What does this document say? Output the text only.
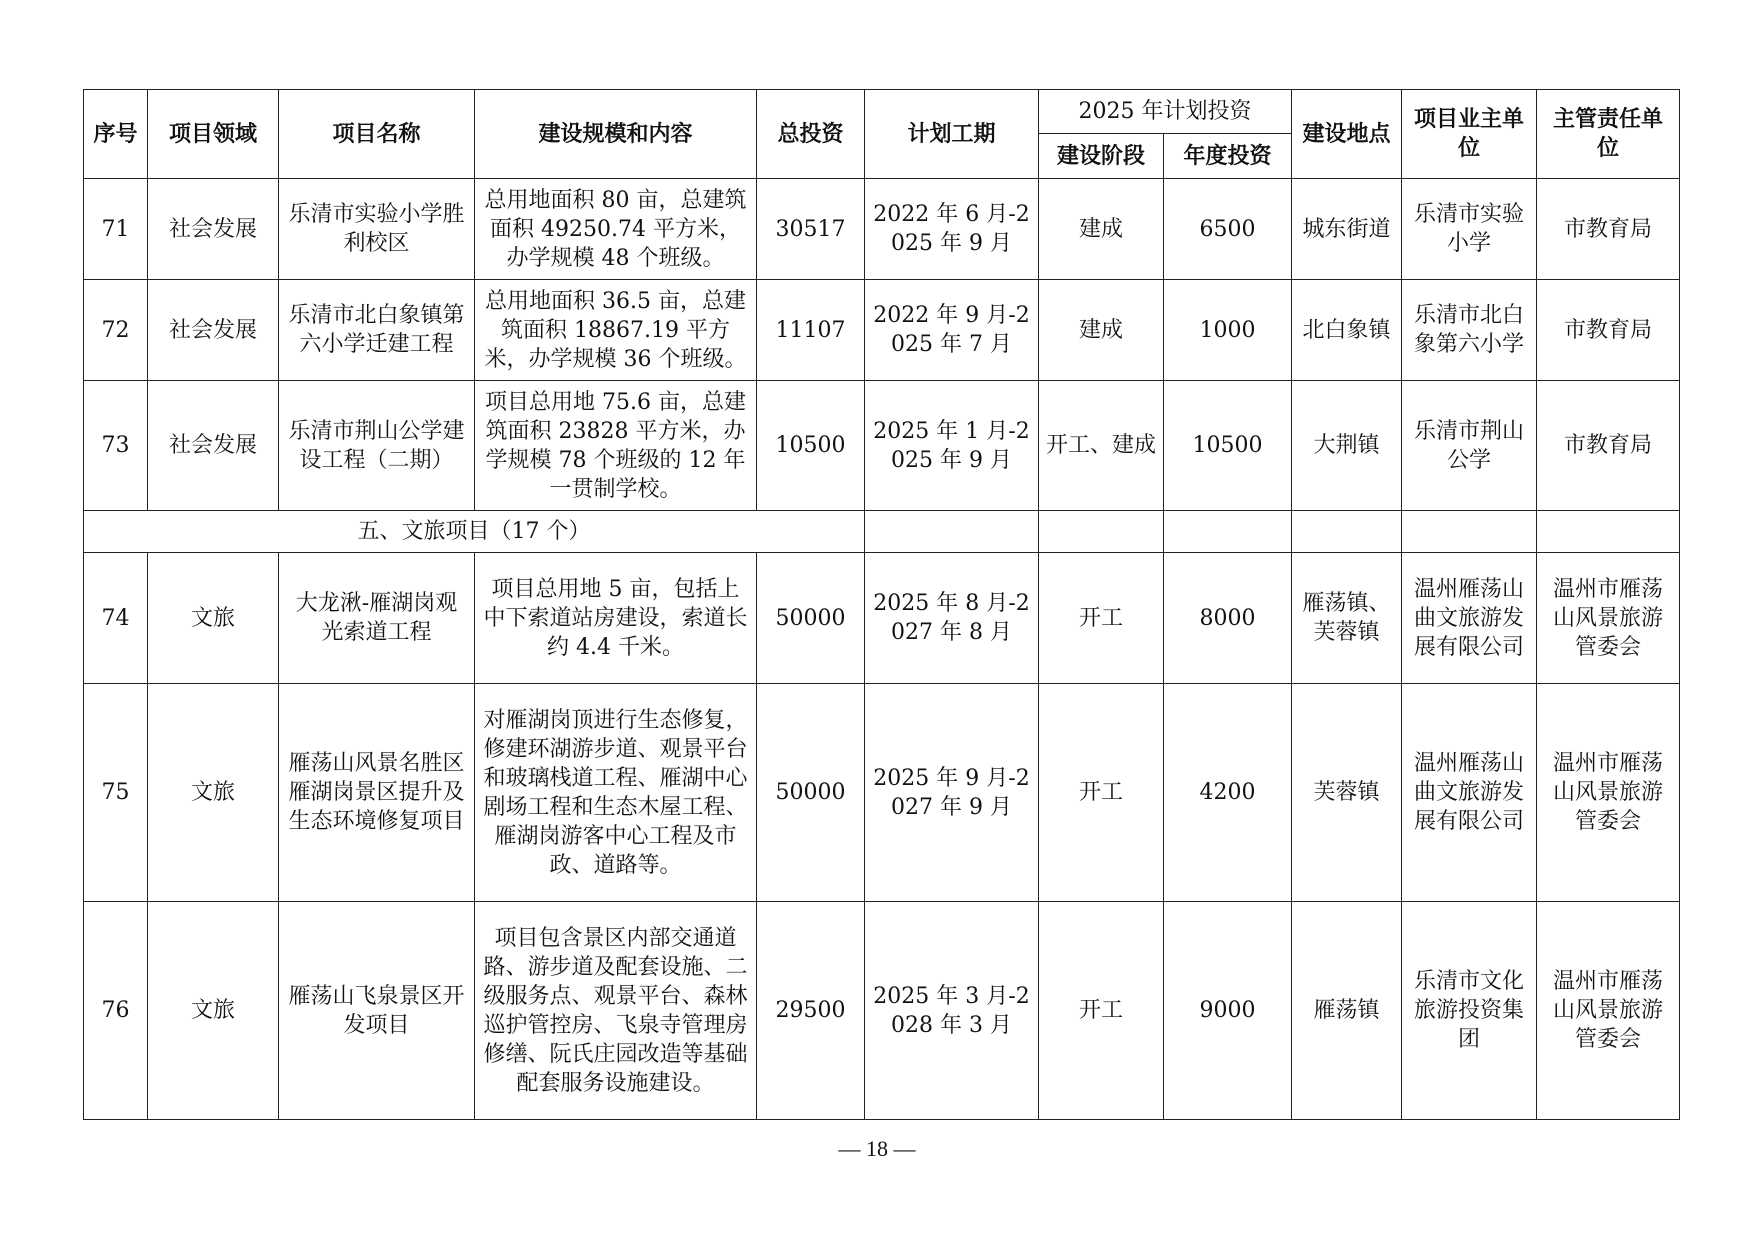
序号	项目领域	项目名称	建设规模和内容	总投资	计划工期	2025 年计划投资		建设地点	项目业主单位	主管责任单位
						建设阶段	年度投资			
71	社会发展	乐清市实验小学胜利校区	总用地面积 80 亩，总建筑面积 49250.74 平方米，办学规模 48 个班级。	30517	2022 年 6 月-2025 年 9 月	建成	6500	城东街道	乐清市实验小学	市教育局
72	社会发展	乐清市北白象镇第六小学迁建工程	总用地面积 36.5 亩，总建筑面积 18867.19 平方米，办学规模 36 个班级。	11107	2022 年 9 月-2025 年 7 月	建成	1000	北白象镇	乐清市北白象第六小学	市教育局
73	社会发展	乐清市荆山公学建设工程（二期）	项目总用地 75.6 亩，总建筑面积 23828 平方米，办学规模 78 个班级的 12 年一贯制学校。	10500	2025 年 1 月-2025 年 9 月	开工、建成	10500	大荆镇	乐清市荆山公学	市教育局
五、文旅项目（17 个）										
74	文旅	大龙湫-雁湖岗观光索道工程	项目总用地 5 亩，包括上中下索道站房建设，索道长约 4.4 千米。	50000	2025 年 8 月-2027 年 8 月	开工	8000	雁荡镇、芙蓉镇	温州雁荡山曲文旅游发展有限公司	温州市雁荡山风景旅游管委会
75	文旅	雁荡山风景名胜区雁湖岗景区提升及生态环境修复项目	对雁湖岗顶进行生态修复，修建环湖游步道、观景平台和玻璃栈道工程、雁湖中心剧场工程和生态木屋工程、雁湖岗游客中心工程及市政、道路等。	50000	2025 年 9 月-2027 年 9 月	开工	4200	芙蓉镇	温州雁荡山曲文旅游发展有限公司	温州市雁荡山风景旅游管委会
76	文旅	雁荡山飞泉景区开发项目	项目包含景区内部交通道路、游步道及配套设施、二级服务点、观景平台、森林巡护管控房、飞泉寺管理房修缮、阮氏庄园改造等基础配套服务设施建设。	29500	2025 年 3 月-2028 年 3 月	开工	9000	雁荡镇	乐清市文化旅游投资集团	温州市雁荡山风景旅游管委会
— 18 —
